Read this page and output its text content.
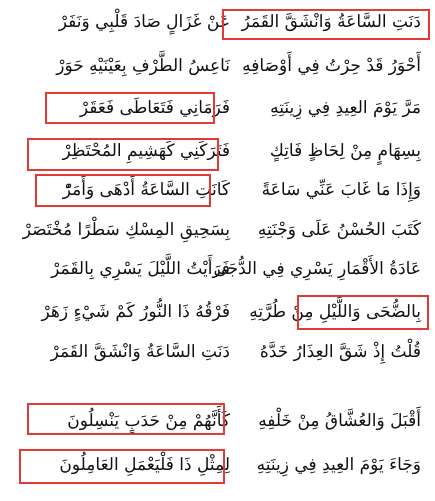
دَنَتِ السَّاعَةُ وَانْشَقَّ القَمَرُ
عَنْ غَزَالٍ صَادَ قَلْبِي وَنَفَرْ
أَحْوَرُ قَدْ حِرْتُ فِي أَوْصَافِهِ
نَاعِسُ الطَّرْفِ بِعَيْنَيْهِ حَوَرْ
مَرَّ يَوْمَ العِيدِ فِي زِينَتِهِ
فَرَمَانِي فَتَعَاطَى فَعَقَرْ
بِسِهَامٍ مِنْ لِحَاظٍ فَاتِكٍ
فَتَرَكَنِي كَهَشِيمِ المُحْتَظِرْ
وَإِذَا مَا غَابَ عَنِّي سَاعَةً
كَانَتِ السَّاعَةُ أَدْهَى وَأَمَرّْ
كَتَبَ الحُسْنُ عَلَى وَجْنَتِهِ
بِسَحِيقِ المِسْكِ سَطْرًا مُخْتَصَرْ
عَادَةُ الأَقْمَارِ يَسْرِي فِي الدُّجَى
فَرَأَيْتُ اللَّيْلَ يَسْرِي بِالقَمَرْ
بِالضُّحَى وَاللَّيْلِ مِنْ طُرَّتِهِ
فَرْقُهُ ذَا النُّورُ كَمْ شَيْءٍ زَهَرْ
قُلْتُ إِذْ شَقَّ العِذَارُ خَدَّهُ
دَنَتِ السَّاعَةُ وَانْشَقَّ القَمَرْ
أَقْبَلَ وَالعُشَّاقُ مِنْ خَلْفِهِ
كَأَنَّهُمْ مِنْ حَدَبٍ يَنْسِلُونَ
وَجَاءَ يَوْمَ العِيدِ فِي زِينَتِهِ
لِمِثْلِ ذَا فَلْيَعْمَلِ العَامِلُونَ
